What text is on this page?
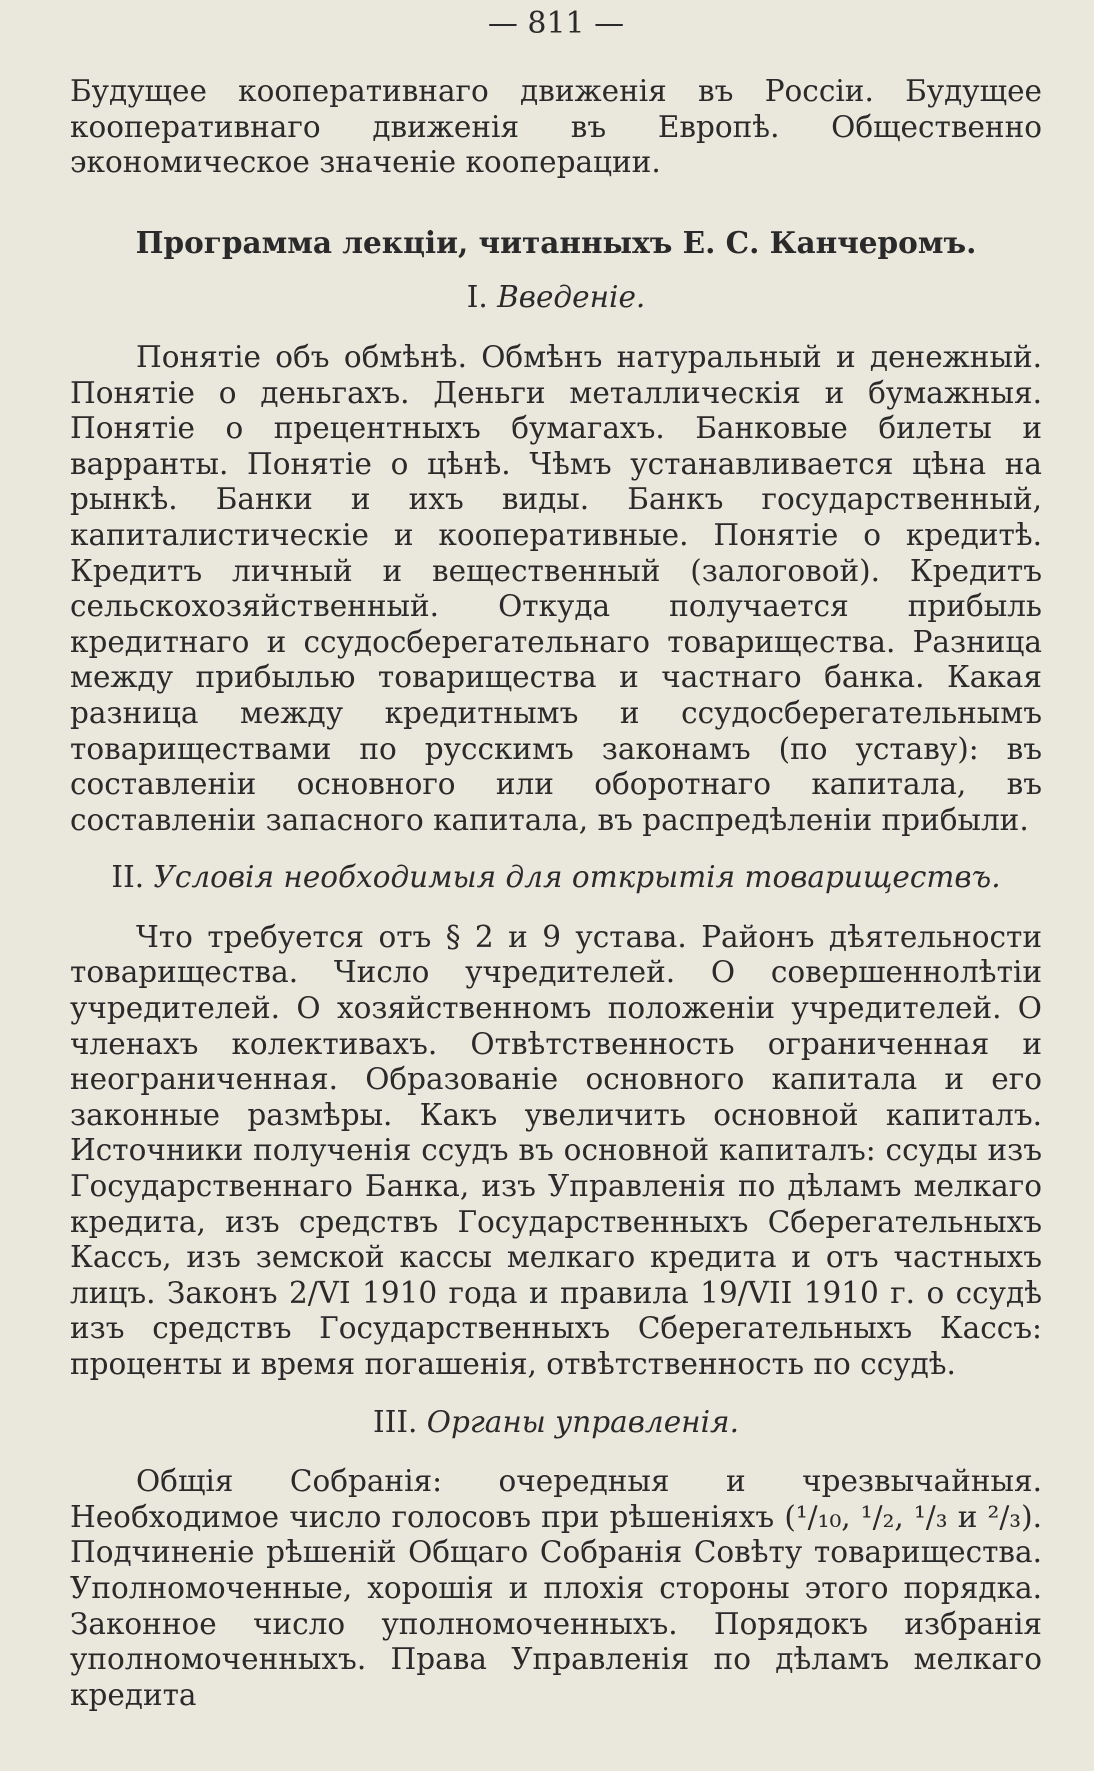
— 811 —

Будущее кооперативнаго движенія въ Россіи. Будущее кооперативнаго движенія въ Европѣ. Общественно экономическое значеніе кооперации.

Программа лекціи, читанныхъ Е. С. Канчеромъ.
I. Введеніе.

Понятіе объ обмѣнѣ. Обмѣнъ натуральный и денежный. Понятіе о деньгахъ. Деньги металлическія и бумажныя. Понятіе о прецентныхъ бумагахъ. Банковые билеты и варранты. Понятіе о цѣнѣ. Чѣмъ устанавливается цѣна на рынкѣ. Банки и ихъ виды. Банкъ государственный, капиталистическіе и кооперативные. Понятіе о кредитѣ. Кредитъ личный и вещественный (залоговой). Кредитъ сельскохозяйственный. Откуда получается прибыль кредитнаго и ссудосберегательнаго товарищества. Разница между прибылью товарищества и частнаго банка. Какая разница между кредитнымъ и ссудосберегательнымъ товариществами по русскимъ законамъ (по уставу): въ составленіи основного или оборотнаго капитала, въ составленіи запасного капитала, въ распредѣленіи прибыли.

II. Условія необходимыя для открытія товариществъ.

Что требуется отъ § 2 и 9 устава. Районъ дѣятельности товарищества. Число учредителей. О совершеннолѣтіи учредителей. О хозяйственномъ положеніи учредителей. О членахъ колективахъ. Отвѣтственность ограниченная и неограниченная. Образованіе основного капитала и его законные размѣры. Какъ увеличить основной капиталъ. Источники полученія ссудъ въ основной капиталъ: ссуды изъ Государственнаго Банка, изъ Управленія по дѣламъ мелкаго кредита, изъ средствъ Государственныхъ Сберегательныхъ Кассъ, изъ земской кассы мелкаго кредита и отъ частныхъ лицъ. Законъ 2/VI 1910 года и правила 19/VII 1910 г. о ссудѣ изъ средствъ Государственныхъ Сберегательныхъ Кассъ: проценты и время погашенія, отвѣтственность по ссудѣ.

III. Органы управленія.

Общія Собранія: очередныя и чрезвычайныя. Необходимое число голосовъ при рѣшеніяхъ (¹/₁₀, ¹/₂, ¹/₃ и ²/₃). Подчиненіе рѣшеній Общаго Собранія Совѣту товарищества. Уполномоченные, хорошія и плохія стороны этого порядка. Законное число уполномоченныхъ. Порядокъ избранія уполномоченныхъ. Права Управленія по дѣламъ мелкаго кредита
